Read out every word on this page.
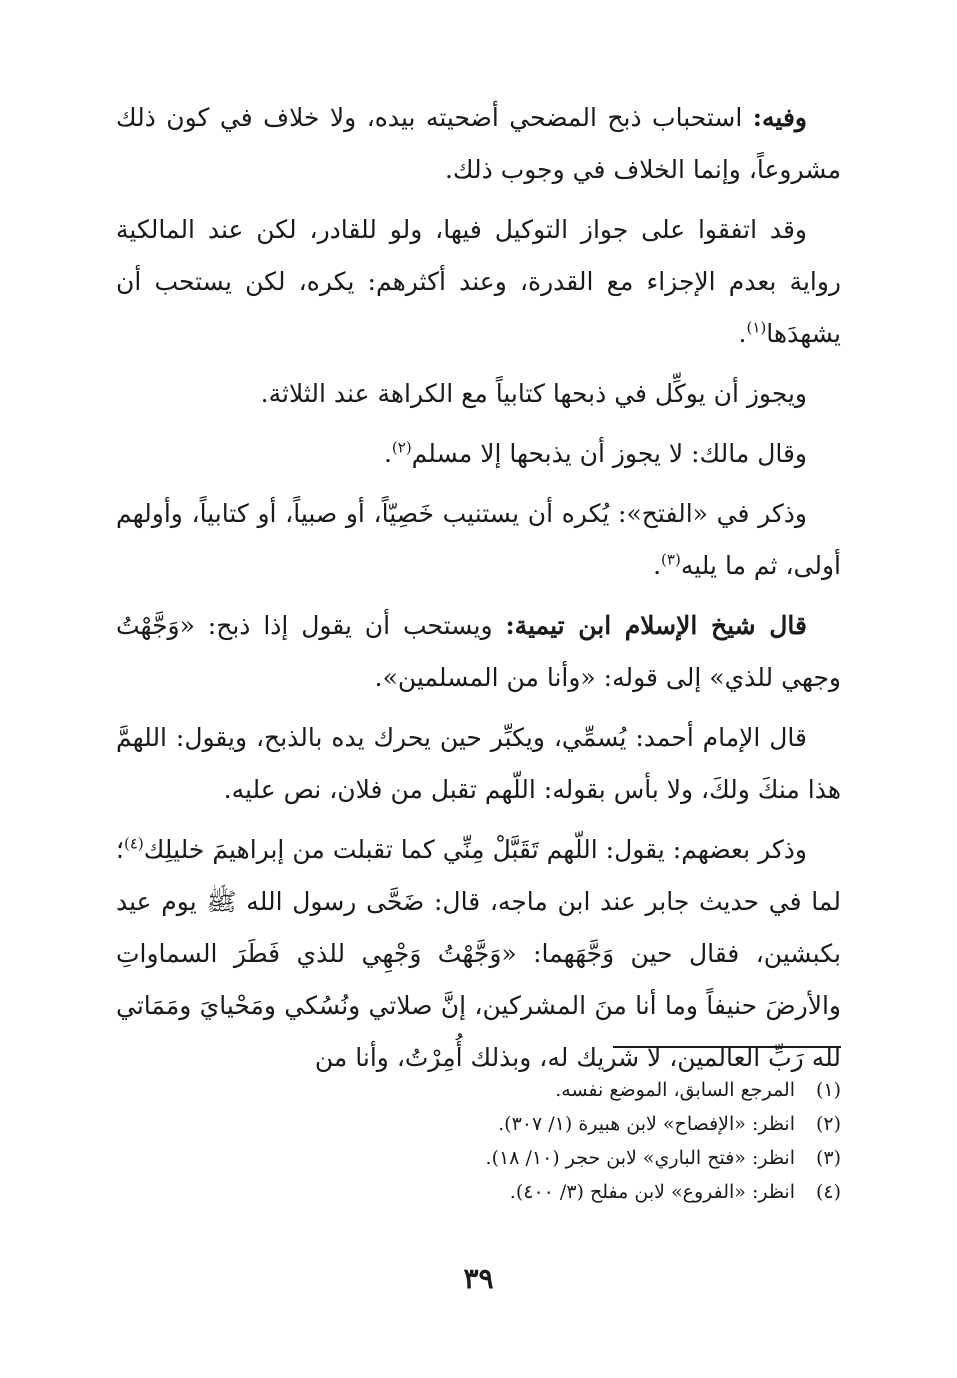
وفيه: استحباب ذبح المضحي أضحيته بيده، ولا خلاف في كون ذلك مشروعاً، وإنما الخلاف في وجوب ذلك.

وقد اتفقوا على جواز التوكيل فيها، ولو للقادر، لكن عند المالكية رواية بعدم الإجزاء مع القدرة، وعند أكثرهم: يكره، لكن يستحب أن يشهدَها$^{(١)}$.

ويجوز أن يوكِّل في ذبحها كتابياً مع الكراهة عند الثلاثة.

وقال مالك: لا يجوز أن يذبحها إلا مسلم$^{(٢)}$.

وذكر في «الفتح»: يُكره أن يستنيب خَصِيّاً، أو صبياً، أو كتابياً، وأولهم أولى، ثم ما يليه$^{(٣)}$.

قال شيخ الإسلام ابن تيمية: ويستحب أن يقول إذا ذبح: «وَجَّهْتُ وجهي للذي» إلى قوله: «وأنا من المسلمين».

قال الإمام أحمد: يُسمِّي، ويكبِّر حين يحرك يده بالذبح، ويقول: اللهمَّ هذا منكَ ولكَ، ولا بأس بقوله: اللّهم تقبل من فلان، نص عليه.

وذكر بعضهم: يقول: اللّهم تَقَبَّلْ مِنِّي كما تقبلت من إبراهيمَ خليلِك$^{(٤)}$؛ لما في حديث جابر عند ابن ماجه، قال: ضَحَّى رسول الله ﷺ يوم عيد بكبشين، فقال حين وَجَّهَهما: «وَجَّهْتُ وَجْهِي للذي فَطَرَ السماواتِ والأرضَ حنيفاً وما أنا منَ المشركين، إنَّ صلاتي ونُسُكي ومَحْيايَ ومَمَاتي لله رَبِّ العالمين، لا شريك له، وبذلك أُمِرْتُ، وأنا من

(١)
المرجع السابق، الموضع نفسه.
(٢)
انظر: «الإفصاح» لابن هبيرة (١/ ٣٠٧).
(٣)
انظر: «فتح الباري» لابن حجر (١٠/ ١٨).
(٤)
انظر: «الفروع» لابن مفلح (٣/ ٤٠٠).
٣٩
